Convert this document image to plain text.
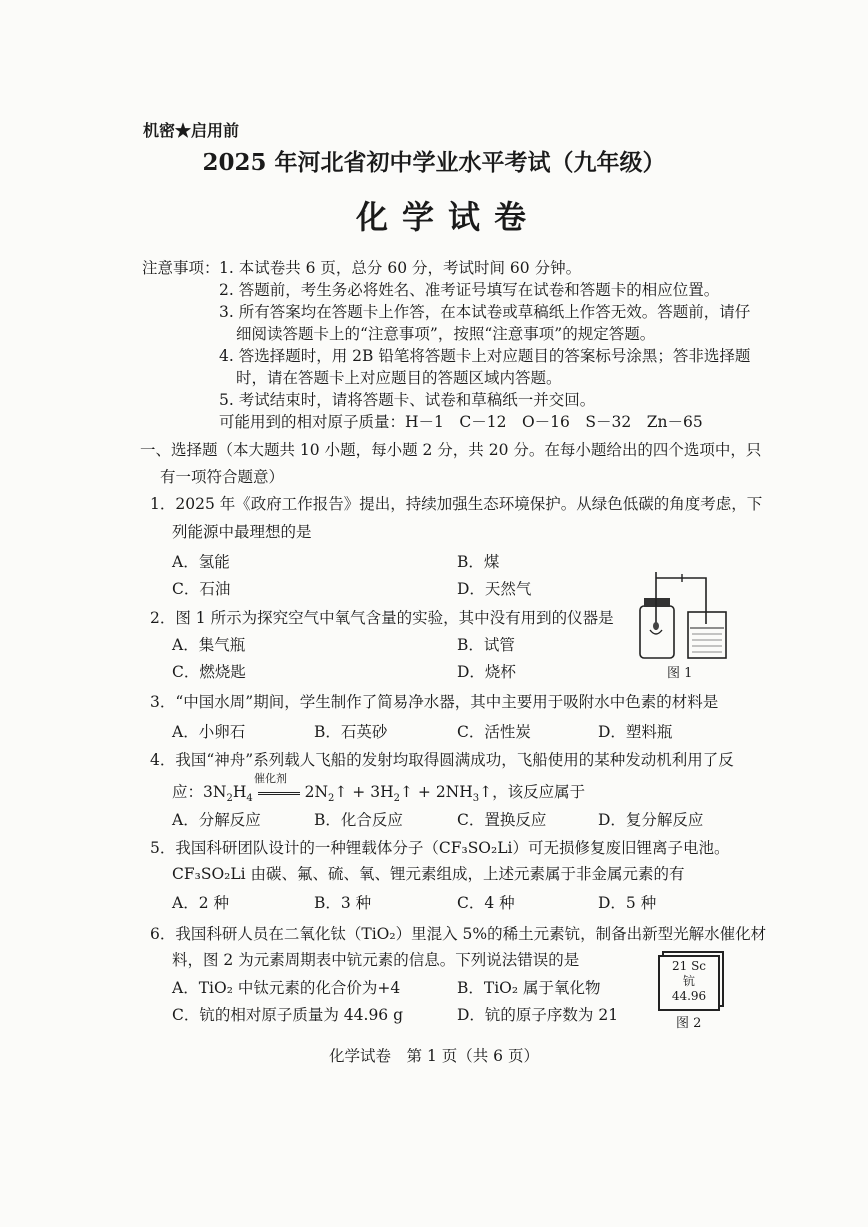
机密★启用前
2025 年河北省初中学业水平考试（九年级）
化学试卷
注意事项： 1. 本试卷共 6 页，总分 60 分，考试时间 60 分钟。
2. 答题前，考生务必将姓名、准考证号填写在试卷和答题卡的相应位置。
3. 所有答案均在答题卡上作答，在本试卷或草稿纸上作答无效。答题前，请仔
细阅读答题卡上的“注意事项”，按照“注意事项”的规定答题。
4. 答选择题时，用 2B 铅笔将答题卡上对应题目的答案标号涂黑；答非选择题
时，请在答题卡上对应题目的答题区域内答题。
5. 考试结束时，请将答题卡、试卷和草稿纸一并交回。
可能用到的相对原子质量：H－1　C－12　O－16　S－32　Zn－65
一、选择题（本大题共 10 小题，每小题 2 分，共 20 分。在每小题给出的四个选项中，只
有一项符合题意）
1．2025 年《政府工作报告》提出，持续加强生态环境保护。从绿色低碳的角度考虑，下
列能源中最理想的是
A．氢能	B．煤
C．石油	D．天然气
2．图 1 所示为探究空气中氧气含量的实验，其中没有用到的仪器是
A．集气瓶	B．试管
C．燃烧匙	D．烧杯	图 1
3．“中国水周”期间，学生制作了简易净水器，其中主要用于吸附水中色素的材料是
A．小卵石	B．石英砂	C．活性炭	D．塑料瓶
4．我国“神舟”系列载人飞船的发射均取得圆满成功，飞船使用的某种发动机利用了反
催化剂
应：$3N_2H_4$	$2N_2↑$ + $3H_2↑$ + $2NH_3↑$，该反应属于
A．分解反应	B．化合反应	C．置换反应	D．复分解反应
5．我国科研团队设计的一种锂载体分子（CF₃SO₂Li）可无损修复废旧锂离子电池。
CF₃SO₂Li 由碳、氟、硫、氧、锂元素组成，上述元素属于非金属元素的有
A．2 种	B．3 种	C．4 种	D．5 种
6．我国科研人员在二氧化钛（TiO₂）里混入 5%的稀土元素钪，制备出新型光解水催化材
料，图 2 为元素周期表中钪元素的信息。下列说法错误的是
A．TiO₂ 中钛元素的化合价为+4	B．TiO₂ 属于氧化物
C．钪的相对原子质量为 44.96 g	D．钪的原子序数为 21
21 Sc
钪
44.96
图 2
化学试卷　第 1 页（共 6 页）
